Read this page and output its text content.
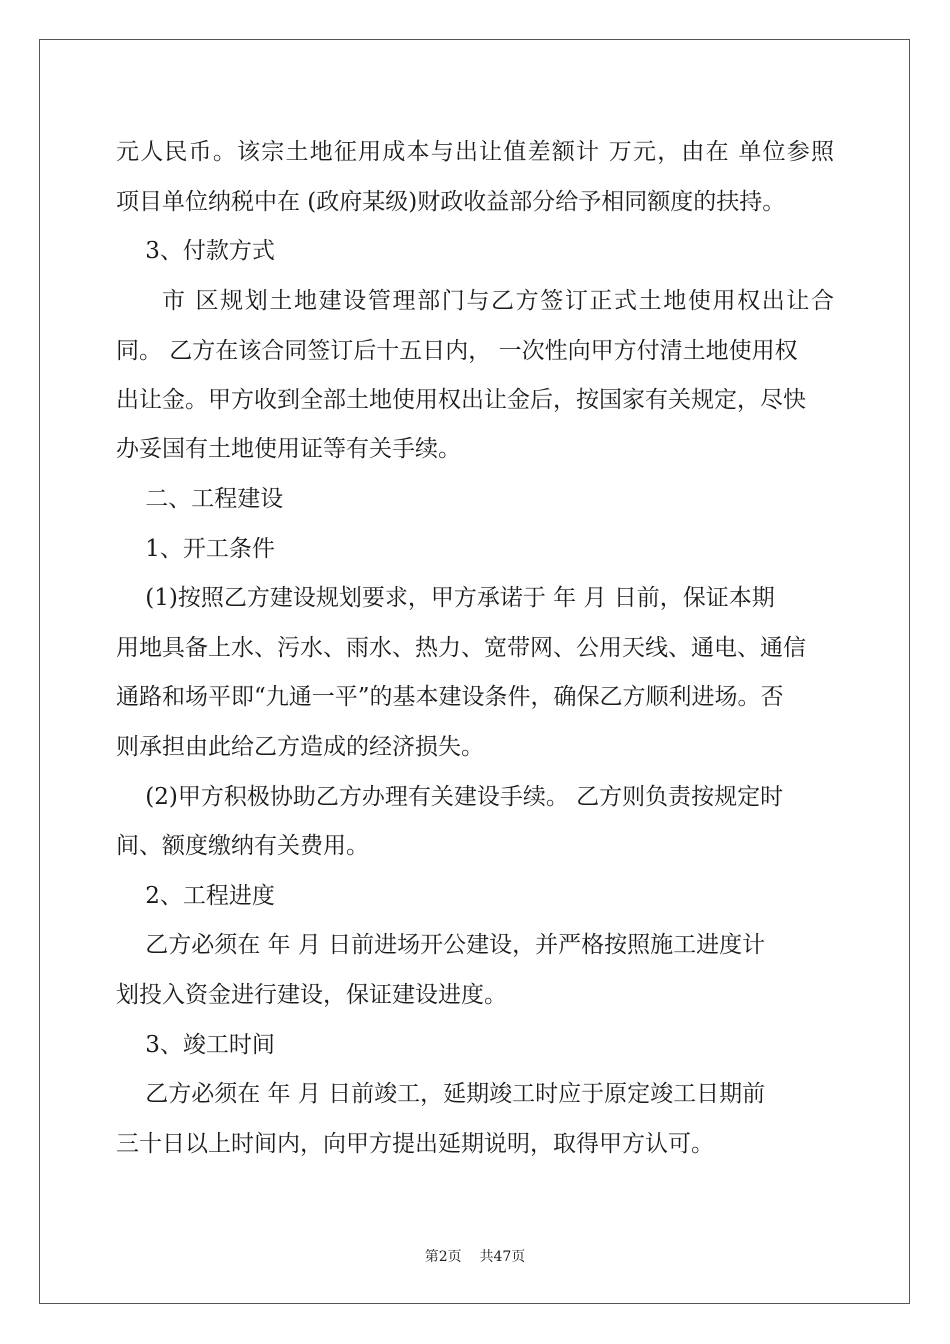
元人民币。该宗土地征用成本与出让值差额计 万元，由在 单位参照
项目单位纳税中在 (政府某级)财政收益部分给予相同额度的扶持。
3、付款方式
市 区规划土地建设管理部门与乙方签订正式土地使用权出让合
同。 乙方在该合同签订后十五日内， 一次性向甲方付清土地使用权
出让金。甲方收到全部土地使用权出让金后，按国家有关规定，尽快
办妥国有土地使用证等有关手续。
二、工程建设
1、开工条件
(1)按照乙方建设规划要求，甲方承诺于 年 月 日前，保证本期
用地具备上水、污水、雨水、热力、宽带网、公用天线、通电、通信
通路和场平即“九通一平”的基本建设条件，确保乙方顺利进场。否
则承担由此给乙方造成的经济损失。
(2)甲方积极协助乙方办理有关建设手续。 乙方则负责按规定时
间、额度缴纳有关费用。
2、工程进度
乙方必须在 年 月 日前进场开公建设，并严格按照施工进度计
划投入资金进行建设，保证建设进度。
3、竣工时间
乙方必须在 年 月 日前竣工，延期竣工时应于原定竣工日期前
三十日以上时间内，向甲方提出延期说明，取得甲方认可。
第2页    共47页
